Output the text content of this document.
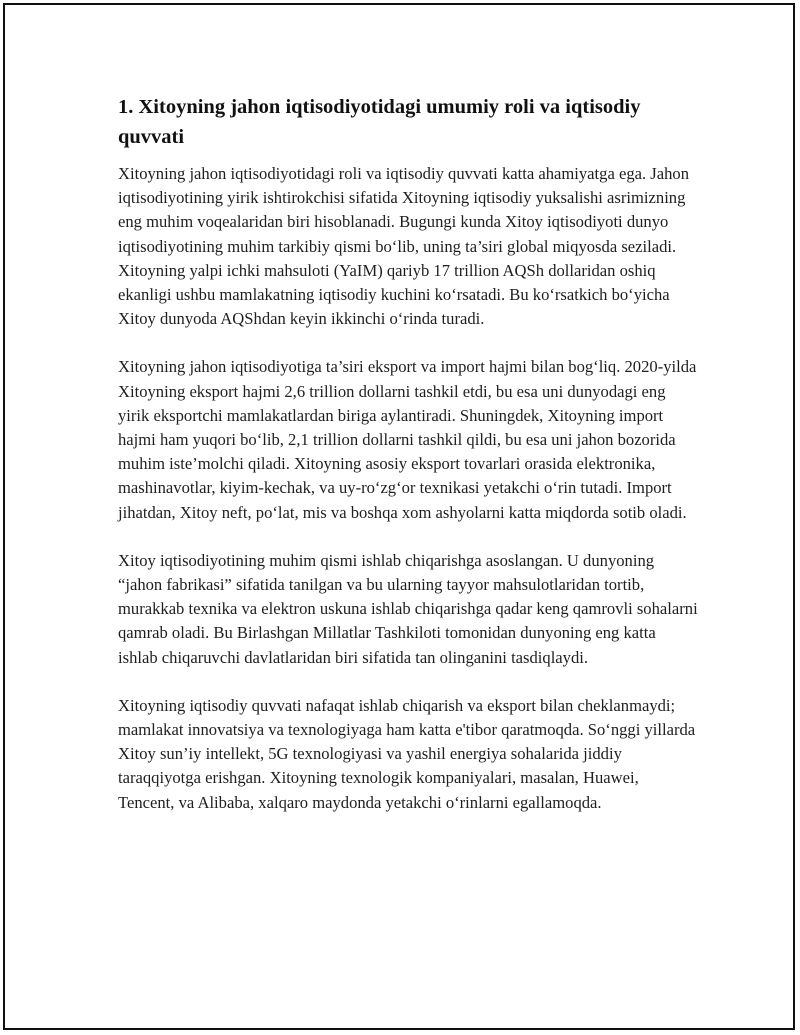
1. Xitoyning jahon iqtisodiyotidagi umumiy roli va iqtisodiy quvvati

Xitoyning jahon iqtisodiyotidagi roli va iqtisodiy quvvati katta ahamiyatga ega. Jahon iqtisodiyotining yirik ishtirokchisi sifatida Xitoyning iqtisodiy yuksalishi asrimizning eng muhim voqealaridan biri hisoblanadi. Bugungi kunda Xitoy iqtisodiyoti dunyo iqtisodiyotining muhim tarkibiy qismi bo‘lib, uning ta’siri global miqyosda seziladi. Xitoyning yalpi ichki mahsuloti (YaIM) qariyb 17 trillion AQSh dollaridan oshiq ekanligi ushbu mamlakatning iqtisodiy kuchini ko‘rsatadi. Bu ko‘rsatkich bo‘yicha Xitoy dunyoda AQShdan keyin ikkinchi o‘rinda turadi.

Xitoyning jahon iqtisodiyotiga ta’siri eksport va import hajmi bilan bog‘liq. 2020-yilda Xitoyning eksport hajmi 2,6 trillion dollarni tashkil etdi, bu esa uni dunyodagi eng yirik eksportchi mamlakatlardan biriga aylantiradi. Shuningdek, Xitoyning import hajmi ham yuqori bo‘lib, 2,1 trillion dollarni tashkil qildi, bu esa uni jahon bozorida muhim iste’molchi qiladi. Xitoyning asosiy eksport tovarlari orasida elektronika, mashinavotlar, kiyim-kechak, va uy-ro‘zg‘or texnikasi yetakchi o‘rin tutadi. Import jihatdan, Xitoy neft, po‘lat, mis va boshqa xom ashyolarni katta miqdorda sotib oladi.

Xitoy iqtisodiyotining muhim qismi ishlab chiqarishga asoslangan. U dunyoning “jahon fabrikasi” sifatida tanilgan va bu ularning tayyor mahsulotlaridan tortib, murakkab texnika va elektron uskuna ishlab chiqarishga qadar keng qamrovli sohalarni qamrab oladi. Bu Birlashgan Millatlar Tashkiloti tomonidan dunyoning eng katta ishlab chiqaruvchi davlatlaridan biri sifatida tan olinganini tasdiqlaydi.

Xitoyning iqtisodiy quvvati nafaqat ishlab chiqarish va eksport bilan cheklanmaydi; mamlakat innovatsiya va texnologiyaga ham katta e'tibor qaratmoqda. So‘nggi yillarda Xitoy sun’iy intellekt, 5G texnologiyasi va yashil energiya sohalarida jiddiy taraqqiyotga erishgan. Xitoyning texnologik kompaniyalari, masalan, Huawei, Tencent, va Alibaba, xalqaro maydonda yetakchi o‘rinlarni egallamoqda.
